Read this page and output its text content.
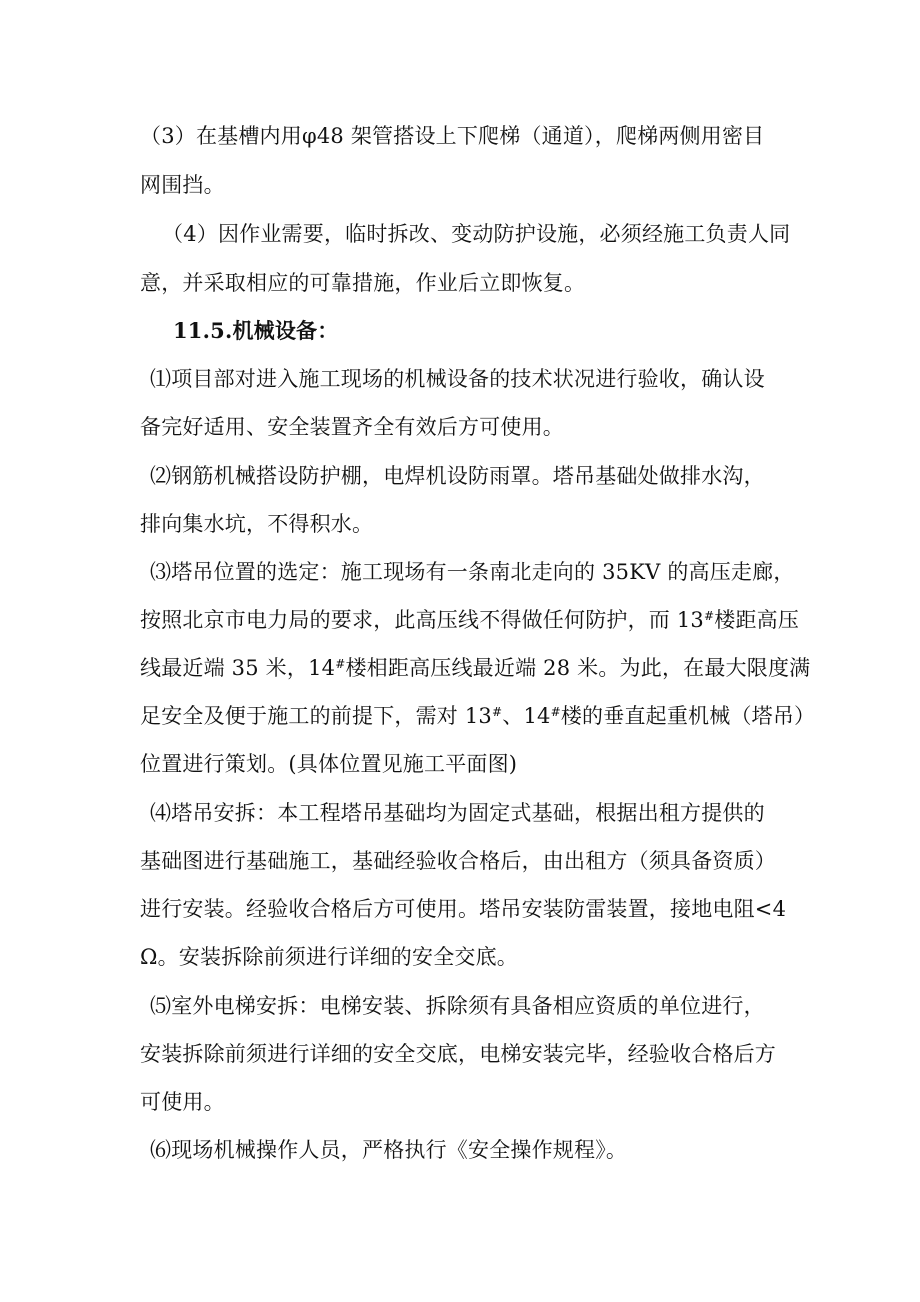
（3）在基槽内用φ48 架管搭设上下爬梯（通道），爬梯两侧用密目
网围挡。
（4）因作业需要，临时拆改、变动防护设施，必须经施工负责人同
意，并采取相应的可靠措施，作业后立即恢复。
11.5.机械设备：
⑴项目部对进入施工现场的机械设备的技术状况进行验收，确认设
备完好适用、安全装置齐全有效后方可使用。
⑵钢筋机械搭设防护棚，电焊机设防雨罩。塔吊基础处做排水沟，
排向集水坑，不得积水。
⑶塔吊位置的选定：施工现场有一条南北走向的 35KV 的高压走廊，
按照北京市电力局的要求，此高压线不得做任何防护，而 13#楼距高压
线最近端 35 米，14#楼相距高压线最近端 28 米。为此，在最大限度满
足安全及便于施工的前提下，需对 13#、14#楼的垂直起重机械（塔吊）
位置进行策划。(具体位置见施工平面图)
⑷塔吊安拆：本工程塔吊基础均为固定式基础，根据出租方提供的
基础图进行基础施工，基础经验收合格后，由出租方（须具备资质）
进行安装。经验收合格后方可使用。塔吊安装防雷装置，接地电阻<4
Ω。安装拆除前须进行详细的安全交底。
⑸室外电梯安拆：电梯安装、拆除须有具备相应资质的单位进行，
安装拆除前须进行详细的安全交底，电梯安装完毕，经验收合格后方
可使用。
⑹现场机械操作人员，严格执行《安全操作规程》。
